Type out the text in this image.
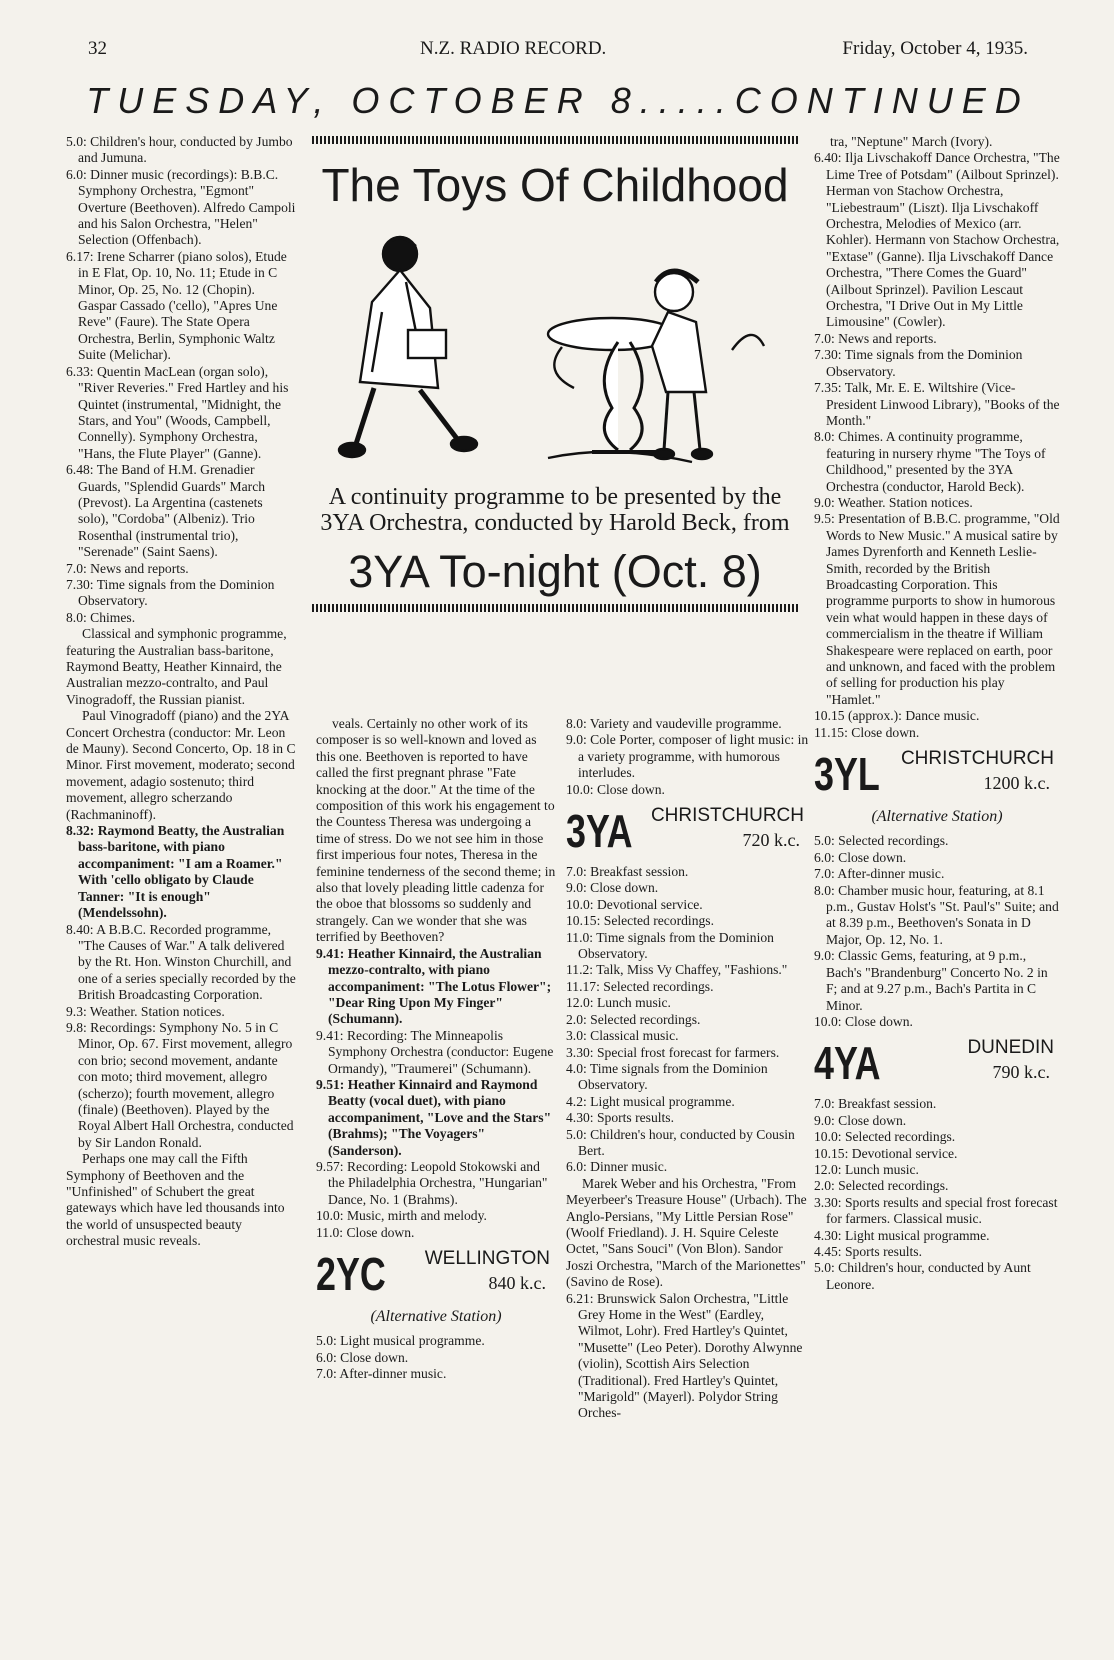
32	N.Z. RADIO RECORD.	Friday, October 4, 1935.
TUESDAY, OCTOBER 8.....CONTINUED

5.0: Children's hour, conducted by Jumbo and Jumuna.

6.0: Dinner music (recordings): B.B.C. Symphony Orchestra, "Egmont" Overture (Beethoven). Alfredo Campoli and his Salon Orchestra, "Helen" Selection (Offenbach).

6.17: Irene Scharrer (piano solos), Etude in E Flat, Op. 10, No. 11; Etude in C Minor, Op. 25, No. 12 (Chopin). Gaspar Cassado ('cello), "Apres Une Reve" (Faure). The State Opera Orchestra, Berlin, Symphonic Waltz Suite (Melichar).

6.33: Quentin MacLean (organ solo), "River Reveries." Fred Hartley and his Quintet (instrumental, "Midnight, the Stars, and You" (Woods, Campbell, Connelly). Symphony Orchestra, "Hans, the Flute Player" (Ganne).

6.48: The Band of H.M. Grenadier Guards, "Splendid Guards" March (Prevost). La Argentina (castenets solo), "Cordoba" (Albeniz). Trio Rosenthal (instrumental trio), "Serenade" (Saint Saens).

7.0: News and reports.

7.30: Time signals from the Dominion Observatory.

8.0: Chimes.

Classical and symphonic programme, featuring the Australian bass-baritone, Raymond Beatty, Heather Kinnaird, the Australian mezzo-contralto, and Paul Vinogradoff, the Russian pianist.

Paul Vinogradoff (piano) and the 2YA Concert Orchestra (conductor: Mr. Leon de Mauny). Second Concerto, Op. 18 in C Minor. First movement, moderato; second movement, adagio sostenuto; third movement, allegro scherzando (Rachmaninoff).

8.32: Raymond Beatty, the Australian bass-baritone, with piano accompaniment: "I am a Roamer." With 'cello obligato by Claude Tanner: "It is enough" (Mendelssohn).

8.40: A B.B.C. Recorded programme, "The Causes of War." A talk delivered by the Rt. Hon. Winston Churchill, and one of a series specially recorded by the British Broadcasting Corporation.

9.3: Weather. Station notices.

9.8: Recordings: Symphony No. 5 in C Minor, Op. 67. First movement, allegro con brio; second movement, andante con moto; third movement, allegro (scherzo); fourth movement, allegro (finale) (Beethoven). Played by the Royal Albert Hall Orchestra, conducted by Sir Landon Ronald.

Perhaps one may call the Fifth Symphony of Beethoven and the "Unfinished" of Schubert the great gateways which have led thousands into the world of unsuspected beauty orchestral music reveals.

The Toys Of Childhood
A continuity programme to be presented by the 3YA Orchestra, conducted by Harold Beck, from
3YA To-night (Oct. 8)

veals. Certainly no other work of its composer is so well-known and loved as this one. Beethoven is reported to have called the first pregnant phrase "Fate knocking at the door." At the time of the composition of this work his engagement to the Countess Theresa was undergoing a time of stress. Do we not see him in those first imperious four notes, Theresa in the feminine tenderness of the second theme; in also that lovely pleading little cadenza for the oboe that blossoms so suddenly and strangely. Can we wonder that she was terrified by Beethoven?

9.41: Heather Kinnaird, the Australian mezzo-contralto, with piano accompaniment: "The Lotus Flower"; "Dear Ring Upon My Finger" (Schumann).

9.41: Recording: The Minneapolis Symphony Orchestra (conductor: Eugene Ormandy), "Traumerei" (Schumann).

9.51: Heather Kinnaird and Raymond Beatty (vocal duet), with piano accompaniment, "Love and the Stars" (Brahms); "The Voyagers" (Sanderson).

9.57: Recording: Leopold Stokowski and the Philadelphia Orchestra, "Hungarian" Dance, No. 1 (Brahms).

10.0: Music, mirth and melody.

11.0: Close down.

2YC WELLINGTON
840 k.c.
(Alternative Station)

5.0: Light musical programme.

6.0: Close down.

7.0: After-dinner music.

8.0: Variety and vaudeville programme.

9.0: Cole Porter, composer of light music: in a variety programme, with humorous interludes.

10.0: Close down.

3YA CHRISTCHURCH
720 k.c.

7.0: Breakfast session.

9.0: Close down.

10.0: Devotional service.

10.15: Selected recordings.

11.0: Time signals from the Dominion Observatory.

11.2: Talk, Miss Vy Chaffey, "Fashions."

11.17: Selected recordings.

12.0: Lunch music.

2.0: Selected recordings.

3.0: Classical music.

3.30: Special frost forecast for farmers.

4.0: Time signals from the Dominion Observatory.

4.2: Light musical programme.

4.30: Sports results.

5.0: Children's hour, conducted by Cousin Bert.

6.0: Dinner music.

Marek Weber and his Orchestra, "From Meyerbeer's Treasure House" (Urbach). The Anglo-Persians, "My Little Persian Rose" (Woolf Friedland). J. H. Squire Celeste Octet, "Sans Souci" (Von Blon). Sandor Joszi Orchestra, "March of the Marionettes" (Savino de Rose).

6.21: Brunswick Salon Orchestra, "Little Grey Home in the West" (Eardley, Wilmot, Lohr). Fred Hartley's Quintet, "Musette" (Leo Peter). Dorothy Alwynne (violin), Scottish Airs Selection (Traditional). Fred Hartley's Quintet, "Marigold" (Mayerl). Polydor String Orches-

tra, "Neptune" March (Ivory).

6.40: Ilja Livschakoff Dance Orchestra, "The Lime Tree of Potsdam" (Ailbout Sprinzel). Herman von Stachow Orchestra, "Liebestraum" (Liszt). Ilja Livschakoff Orchestra, Melodies of Mexico (arr. Kohler). Hermann von Stachow Orchestra, "Extase" (Ganne). Ilja Livschakoff Dance Orchestra, "There Comes the Guard" (Ailbout Sprinzel). Pavilion Lescaut Orchestra, "I Drive Out in My Little Limousine" (Cowler).

7.0: News and reports.

7.30: Time signals from the Dominion Observatory.

7.35: Talk, Mr. E. E. Wiltshire (Vice-President Linwood Library), "Books of the Month."

8.0: Chimes. A continuity programme, featuring in nursery rhyme "The Toys of Childhood," presented by the 3YA Orchestra (conductor, Harold Beck).

9.0: Weather. Station notices.

9.5: Presentation of B.B.C. programme, "Old Words to New Music." A musical satire by James Dyrenforth and Kenneth Leslie-Smith, recorded by the British Broadcasting Corporation. This programme purports to show in humorous vein what would happen in these days of commercialism in the theatre if William Shakespeare were replaced on earth, poor and unknown, and faced with the problem of selling for production his play "Hamlet."

10.15 (approx.): Dance music.

11.15: Close down.

3YL CHRISTCHURCH
1200 k.c.
(Alternative Station)

5.0: Selected recordings.

6.0: Close down.

7.0: After-dinner music.

8.0: Chamber music hour, featuring, at 8.1 p.m., Gustav Holst's "St. Paul's" Suite; and at 8.39 p.m., Beethoven's Sonata in D Major, Op. 12, No. 1.

9.0: Classic Gems, featuring, at 9 p.m., Bach's "Brandenburg" Concerto No. 2 in F; and at 9.27 p.m., Bach's Partita in C Minor.

10.0: Close down.

4YA	DUNEDIN
790 k.c.

7.0: Breakfast session.

9.0: Close down.

10.0: Selected recordings.

10.15: Devotional service.

12.0: Lunch music.

2.0: Selected recordings.

3.30: Sports results and special frost forecast for farmers. Classical music.

4.30: Light musical programme.

4.45: Sports results.

5.0: Children's hour, conducted by Aunt Leonore.
